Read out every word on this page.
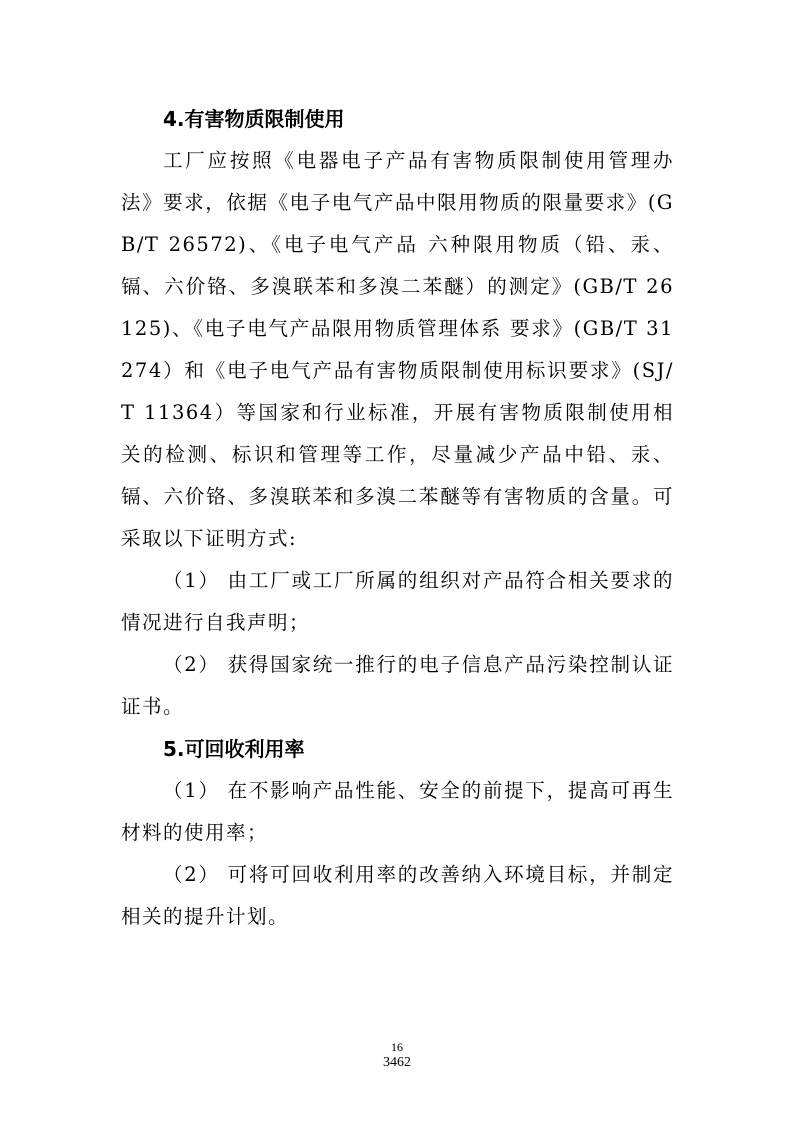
4.有害物质限制使用

工厂应按照《电器电子产品有害物质限制使用管理办法》要求，依据《电子电气产品中限用物质的限量要求》(GB/T 26572)、《电子电气产品 六种限用物质（铅、汞、镉、六价铬、多溴联苯和多溴二苯醚）的测定》(GB/T 26125)、《电子电气产品限用物质管理体系 要求》(GB/T 31274）和《电子电气产品有害物质限制使用标识要求》(SJ/T 11364）等国家和行业标准，开展有害物质限制使用相关的检测、标识和管理等工作，尽量减少产品中铅、汞、镉、六价铬、多溴联苯和多溴二苯醚等有害物质的含量。可采取以下证明方式:

（1） 由工厂或工厂所属的组织对产品符合相关要求的情况进行自我声明；

（2） 获得国家统一推行的电子信息产品污染控制认证证书。

5.可回收利用率

（1） 在不影响产品性能、安全的前提下，提高可再生材料的使用率；

（2） 可将可回收利用率的改善纳入环境目标，并制定相关的提升计划。

16
3462
